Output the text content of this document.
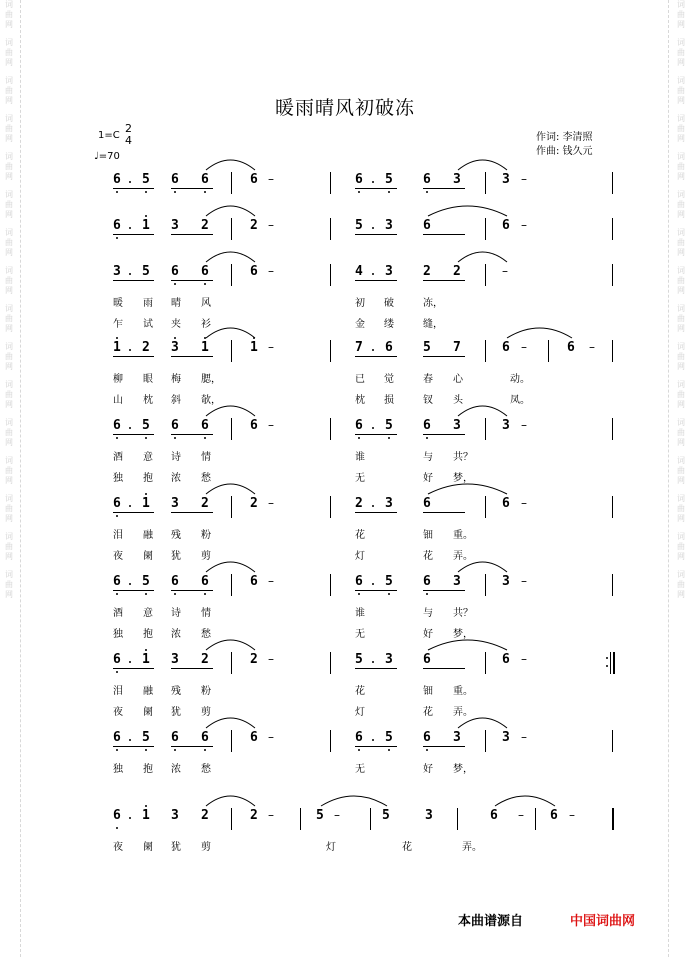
词曲网
词曲网
词曲网
词曲网
词曲网
词曲网
词曲网
词曲网
词曲网
词曲网
词曲网
词曲网
词曲网
词曲网
词曲网
词曲网
词曲网
词曲网
词曲网
词曲网
词曲网
词曲网
词曲网
词曲网
词曲网
词曲网
词曲网
词曲网
词曲网
词曲网
词曲网
词曲网
暖雨晴风初破冻
1=C
2
4
♩=70
作词: 李清照
作曲: 钱久元
6 5 6 6	6 –	6 5 6 3	3 –
6 1 3 2	2 –	5 3 6	6 –
3 5 6 6	6 –	4 3 2 2	–
暖 雨 晴 风	初 破	冻，
乍 试 夹 衫	金 缕	缝，
1 2 3 1	1 –	7 6 5 7	6 –	6 –
柳 眼 梅 腮，	已 觉	春 心	动。
山 枕 斜 欹，	枕 损	钗 头	凤。
6 5 6 6	6 –	6 5 6 3	3 –
酒 意 诗 情	谁	与 共？
独 抱 浓 愁	无	好 梦，
6 1 3 2	2 –	2 3 6	6 –
泪 融 残 粉	花	钿 重。
夜 阑 犹 剪	灯	花 弄。
6 5 6 6	6 –	6 5 6 3	3 –
酒 意 诗 情	谁	与 共？
独 抱 浓 愁	无	好 梦，
6 1 3 2	2 –	5 3 6	6 –
泪 融 残 粉	花	钿 重。
夜 阑 犹 剪	灯	花 弄。
6 5 6 6	6 –	6 5 6 3	3 –
独 抱 浓 愁	无	好 梦，
6 1 3 2	2 –	5 –	5	3	6 – 6 –
夜 阑 犹 剪	灯	花	弄。
本曲谱源自	中国词曲网
